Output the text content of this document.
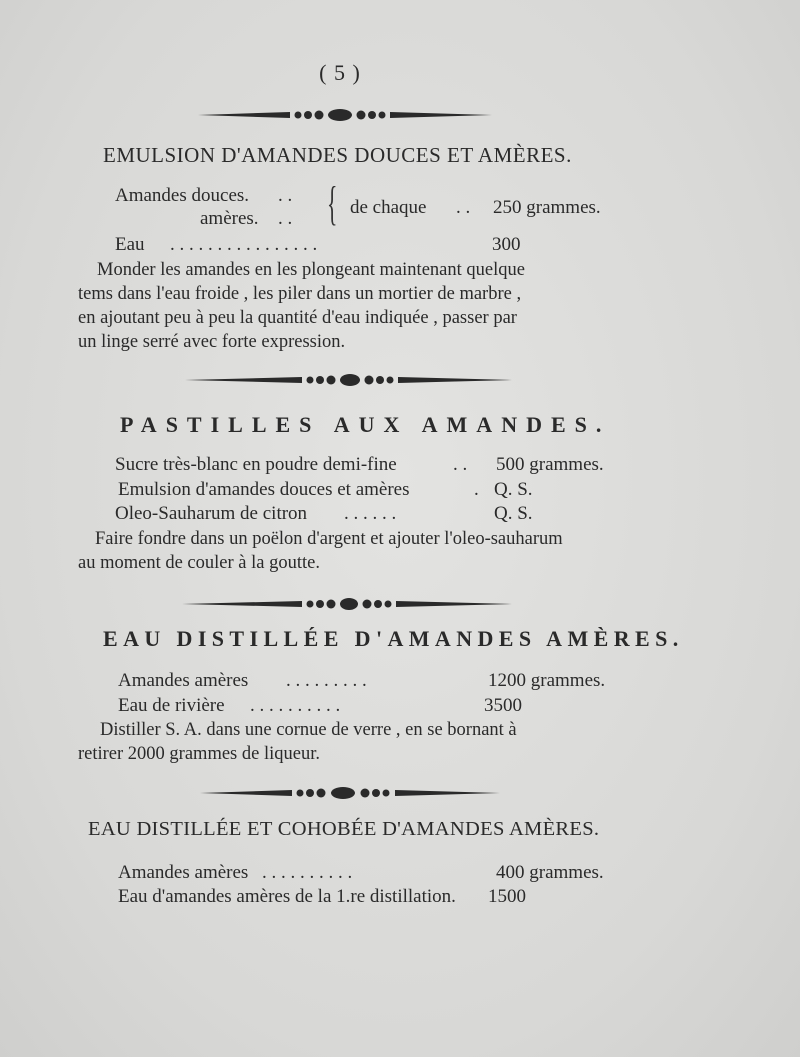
( 5 )
EMULSION D'AMANDES DOUCES ET AMÈRES.
Amandes douces. . .
amères. . . { de chaque . . 250 grammes.
Eau . . . . . . . . . . . . . . . .	300
Monder les amandes en les plongeant maintenant quelque
tems dans l'eau froide , les piler dans un mortier de marbre ,
en ajoutant peu à peu la quantité d'eau indiquée , passer par
un linge serré avec forte expression.
PASTILLES AUX AMANDES.
Sucre très-blanc en poudre demi-fine	. . 500 grammes.
Emulsion d'amandes douces et amères	. Q. S.
Oleo-Sauharum de citron . . . . . .	Q. S.
Faire fondre dans un poëlon d'argent et ajouter l'oleo-sauharum
au moment de couler à la goutte.
EAU DISTILLÉE D'AMANDES AMÈRES.
Amandes amères . . . . . . . . .	1200 grammes.
Eau de rivière . . . . . . . . . .	3500
Distiller S. A. dans une cornue de verre , en se bornant à
retirer 2000 grammes de liqueur.
EAU DISTILLÉE ET COHOBÉE D'AMANDES AMÈRES.
Amandes amères . . . . . . . . . .	400 grammes.
Eau d'amandes amères de la 1.re distillation. 1500
